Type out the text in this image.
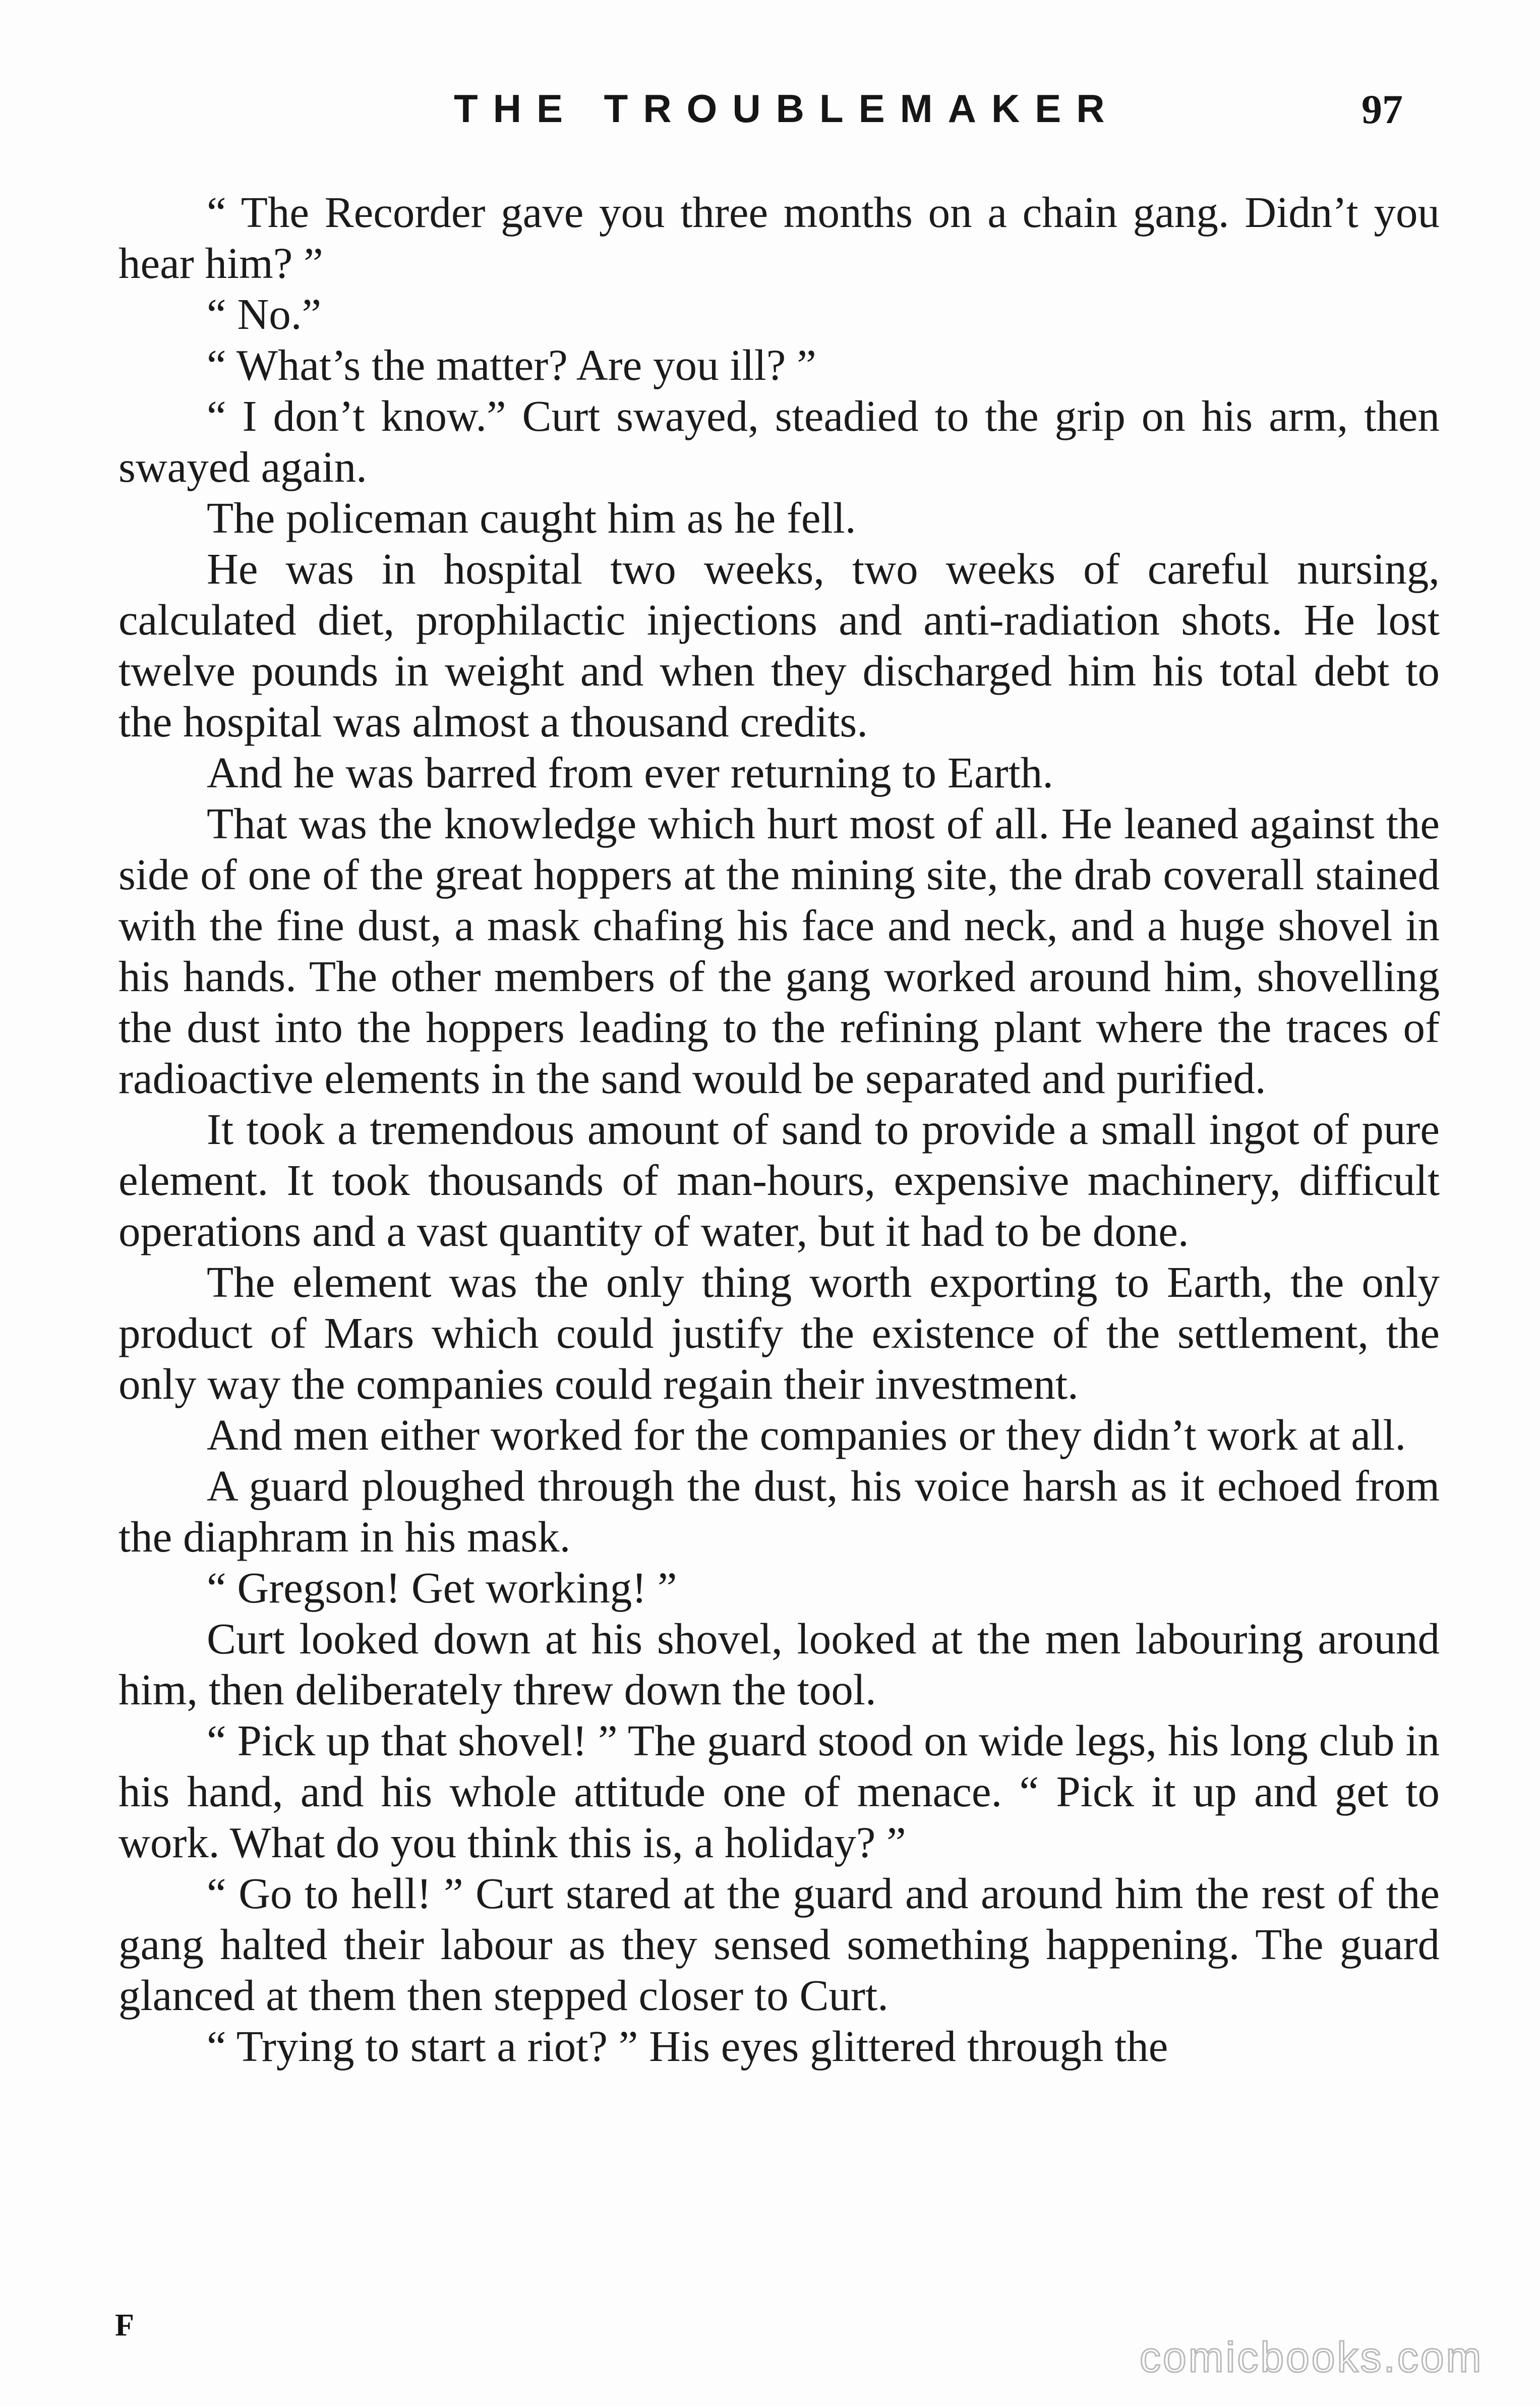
THE TROUBLEMAKER	97

“ The Recorder gave you three months on a chain gang. Didn’t you hear him? ”

“ No.”

“ What’s the matter? Are you ill? ”

“ I don’t know.” Curt swayed, steadied to the grip on his arm, then swayed again.

The policeman caught him as he fell.

He was in hospital two weeks, two weeks of careful nursing, calculated diet, prophilactic injections and anti-radiation shots. He lost twelve pounds in weight and when they discharged him his total debt to the hospital was almost a thousand credits.

And he was barred from ever returning to Earth.

That was the knowledge which hurt most of all. He leaned against the side of one of the great hoppers at the mining site, the drab coverall stained with the fine dust, a mask chafing his face and neck, and a huge shovel in his hands. The other members of the gang worked around him, shovelling the dust into the hoppers leading to the refining plant where the traces of radioactive elements in the sand would be separated and purified.

It took a tremendous amount of sand to provide a small ingot of pure element. It took thousands of man-hours, expensive machinery, difficult operations and a vast quantity of water, but it had to be done.

The element was the only thing worth exporting to Earth, the only product of Mars which could justify the existence of the settlement, the only way the companies could regain their investment.

And men either worked for the companies or they didn’t work at all.

A guard ploughed through the dust, his voice harsh as it echoed from the diaphram in his mask.

“ Gregson! Get working! ”

Curt looked down at his shovel, looked at the men labouring around him, then deliberately threw down the tool.

“ Pick up that shovel! ” The guard stood on wide legs, his long club in his hand, and his whole attitude one of menace. “ Pick it up and get to work. What do you think this is, a holiday? ”

“ Go to hell! ” Curt stared at the guard and around him the rest of the gang halted their labour as they sensed something happening. The guard glanced at them then stepped closer to Curt.

“ Trying to start a riot? ” His eyes glittered through the

F
comicbooks.com
